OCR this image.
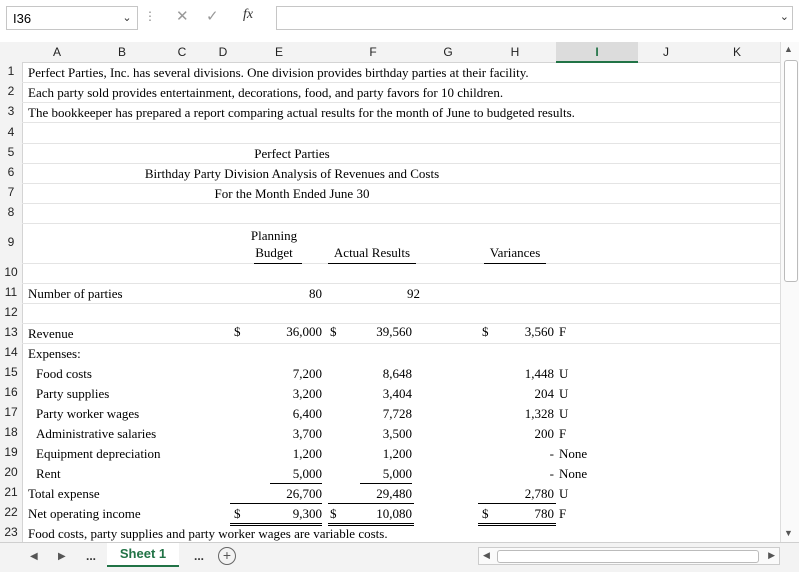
I36	⌄ ⋮ ✕ ✓ fx	⌄
A	B	C	D	E	F	G	H	I	J	K
1
2
3
4
5
6
7
8
9
10
11
12
13
14
15
16
17
18
19
20
21
22
23
Perfect Parties, Inc. has several divisions. One division provides birthday parties at their facility.
Each party sold provides entertainment, decorations, food, and party favors for 10 children.
The bookkeeper has prepared a report comparing actual results for the month of June to budgeted results.
Perfect Parties
Birthday Party Division Analysis of Revenues and Costs
For the Month Ended June 30
Planning
Budget	Actual Results	Variances
Number of parties	80	92
Revenue	$	36,000 $	39,560	$	3,560 F
Expenses:
Food costs	7,200	8,648	1,448 U
Party supplies	3,200	3,404	204 U
Party worker wages	6,400	7,728	1,328 U
Administrative salaries	3,700	3,500	200 F
Equipment depreciation	1,200	1,200	- None
Rent	5,000	5,000	- None
Total expense	26,700	29,480	2,780 U
Net operating income	$	9,300 $	10,080	$	780 F
Food costs, party supplies and party worker wages are variable costs.
▲
▼
◀ ▶ ...	Sheet 1	...	+	◀	▶
